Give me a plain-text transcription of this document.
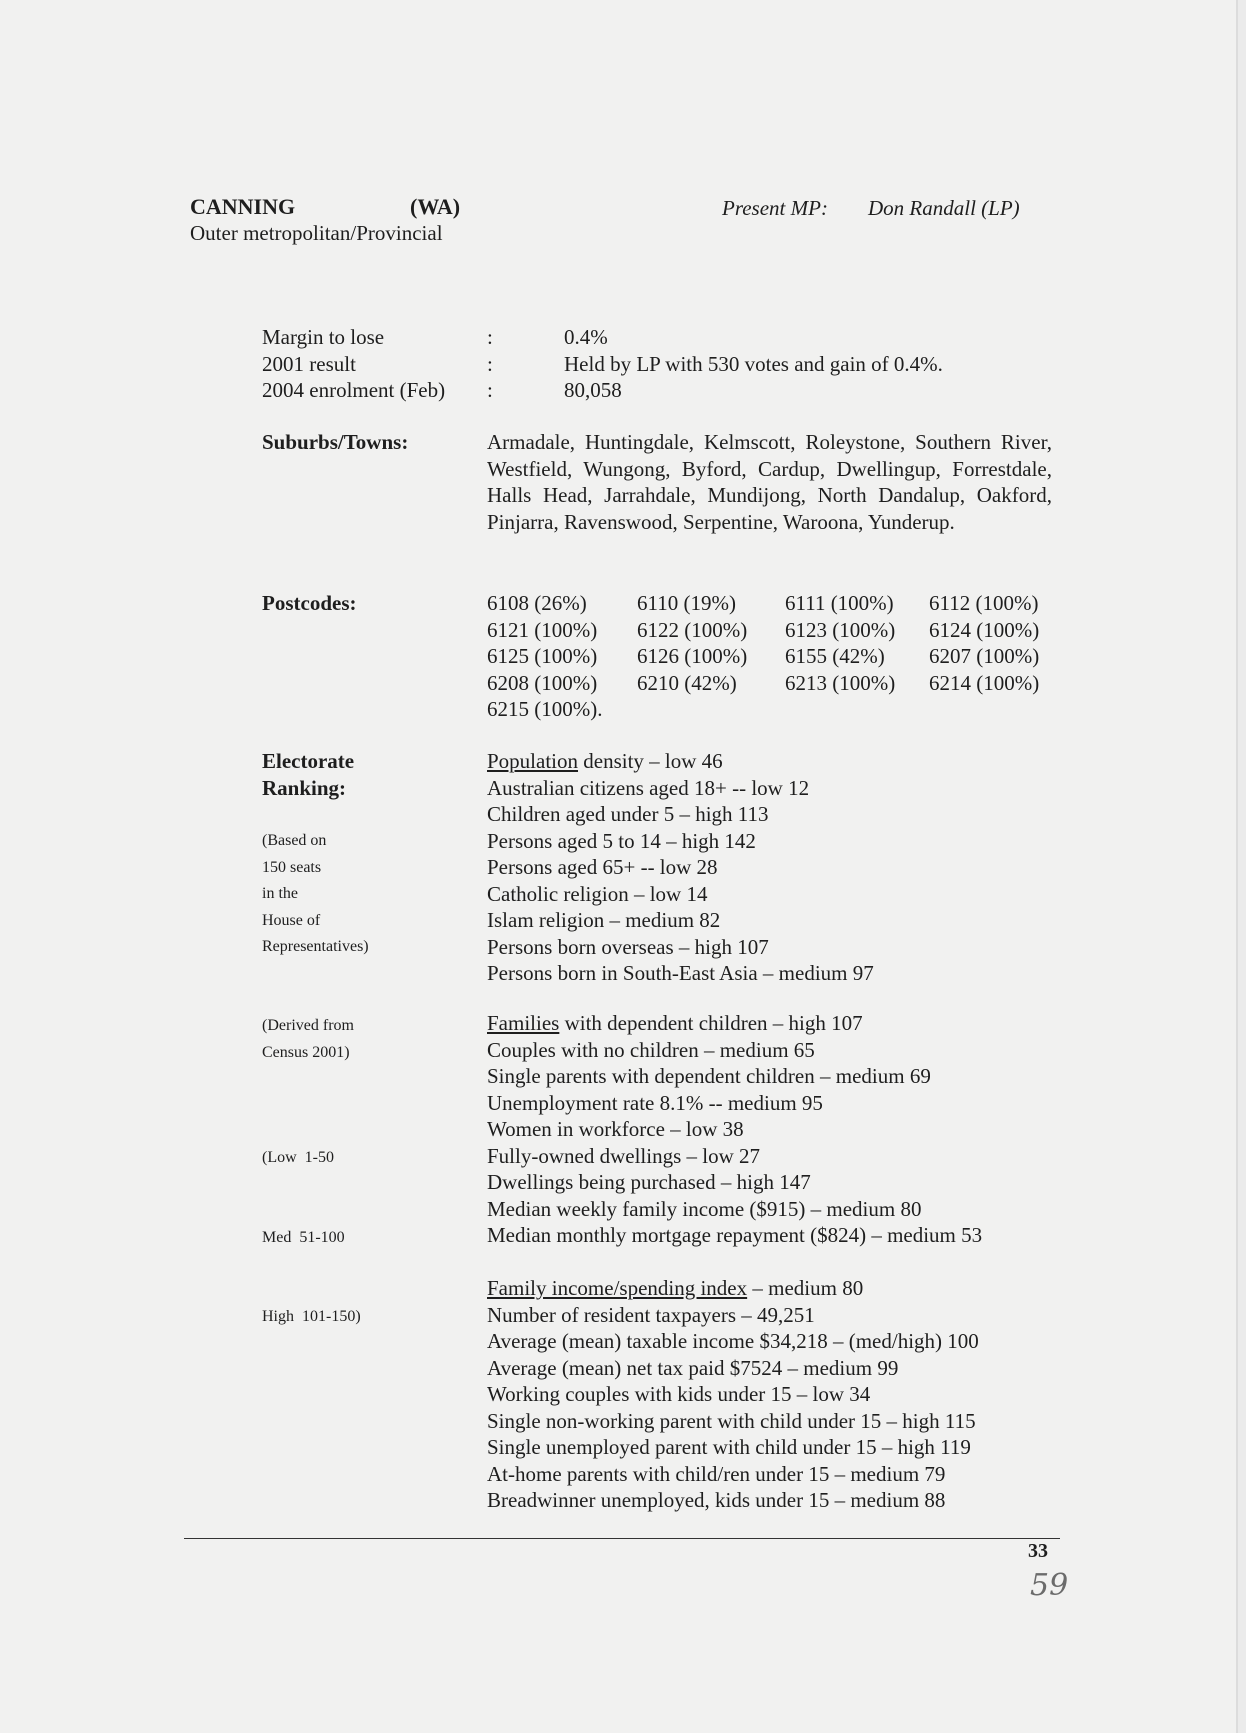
CANNING	(WA)
Outer metropolitan/Provincial
Present MP: Don Randall (LP)
Margin to lose	:	0.4%
2001 result	:	Held by LP with 530 votes and gain of 0.4%.
2004 enrolment (Feb)	:	80,058
Suburbs/Towns:	Armadale, Huntingdale, Kelmscott, Roleystone, Southern River, Westfield, Wungong, Byford, Cardup, Dwellingup, Forrestdale, Halls Head, Jarrahdale, Mundijong, North Dandalup, Oakford, Pinjarra, Ravenswood, Serpentine, Waroona, Yunderup.
Postcodes:	6108 (26%)	6110 (19%)	6111 (100%)	6112 (100%)
6121 (100%)	6122 (100%)	6123 (100%)	6124 (100%)
6125 (100%)	6126 (100%)	6155 (42%)	6207 (100%)
6208 (100%)	6210 (42%)	6213 (100%)	6214 (100%)
6215 (100%).
Electorate
Ranking:
(Based on
150 seats
in the
House of
Representatives)
(Derived from
Census 2001)

(Low  1-50

Med  51-100

High  101-150)

Population density – low 46
Australian citizens aged 18+ -- low 12
Children aged under 5 – high 113
Persons aged 5 to 14 – high 142
Persons aged 65+ -- low 28
Catholic religion – low 14
Islam religion – medium 82
Persons born overseas – high 107
Persons born in South-East Asia – medium 97
Families with dependent children – high 107
Couples with no children – medium 65
Single parents with dependent children – medium 69
Unemployment rate 8.1% -- medium 95
Women in workforce – low 38
Fully-owned dwellings – low 27
Dwellings being purchased – high 147
Median weekly family income ($915) – medium 80
Median monthly mortgage repayment ($824) – medium 53
Family income/spending index – medium 80
Number of resident taxpayers – 49,251
Average (mean) taxable income $34,218 – (med/high) 100
Average (mean) net tax paid $7524 – medium 99
Working couples with kids under 15 – low 34
Single non-working parent with child under 15 – high 115
Single unemployed parent with child under 15 – high 119
At-home parents with child/ren under 15 – medium 79
Breadwinner unemployed, kids under 15 – medium 88
33
59
